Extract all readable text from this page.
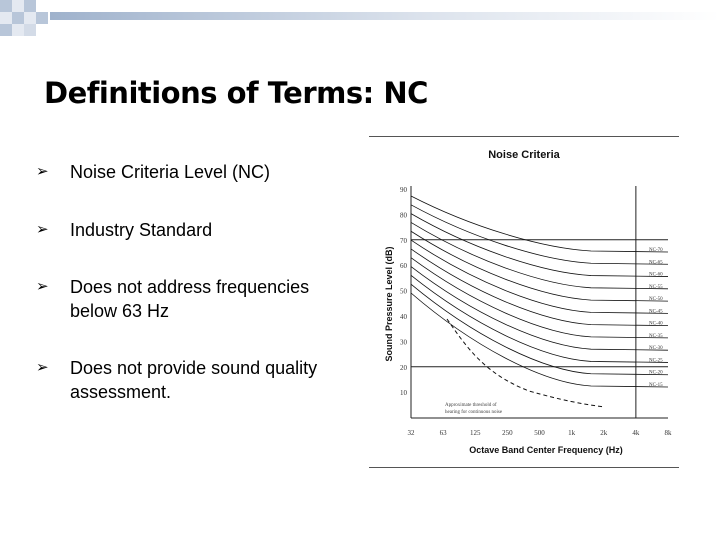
Definitions of Terms: NC
➢	Noise Criteria Level (NC)
➢	Industry Standard
➢	Does not address frequencies
below 63 Hz
➢	Does not provide sound quality
assessment.
Noise Criteria
Sound Pressure Level (dB)
Octave Band Center Frequency (Hz)
90
80
70
60
50
40
30
20
10
32	63	125	250	500	1k	2k	4k	8k
NC-70
NC-65
NC-60
NC-55
NC-50
NC-45
NC-40
NC-35
NC-30
NC-25
NC-20
NC-15
Approximate threshold of
hearing for continuous noise
